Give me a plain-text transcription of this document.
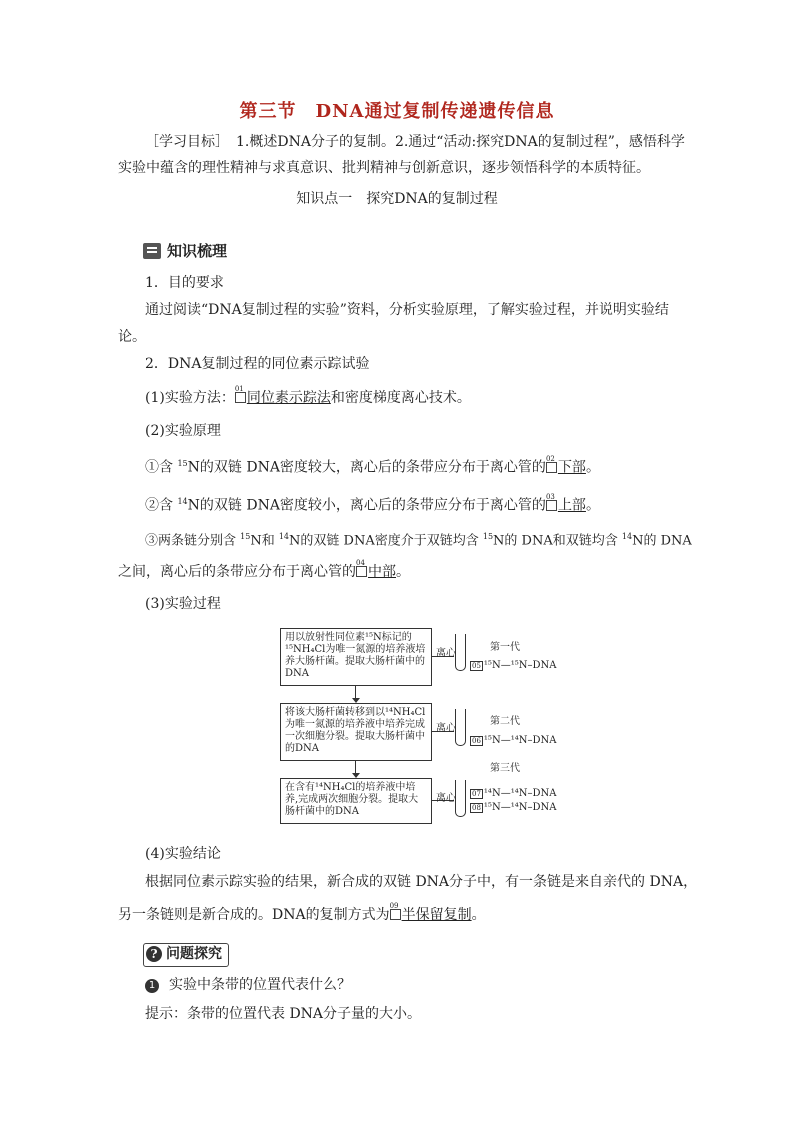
第三节　DNA通过复制传递遗传信息
［学习目标］　1.概述DNA分子的复制。2.通过“活动:探究DNA的复制过程”，感悟科学
实验中蕴含的理性精神与求真意识、批判精神与创新意识，逐步领悟科学的本质特征。
知识点一　探究DNA的复制过程
知识梳理
1．目的要求
通过阅读“DNA复制过程的实验”资料，分析实验原理，了解实验过程，并说明实验结
论。
2．DNA复制过程的同位素示踪试验
(1)实验方法：
01
同位素示踪法和密度梯度离心技术。
(2)实验原理
①含 $^{15}$N的双链 DNA密度较大，离心后的条带应分布于离心管的
02
下部。
②含 $^{14}$N的双链 DNA密度较小，离心后的条带应分布于离心管的
03
上部。
③两条链分别含 $^{15}$N和 $^{14}$N的双链 DNA密度介于双链均含 $^{15}$N的 DNA和双链均含 $^{14}$N的 DNA
之间，离心后的条带应分布于离心管的
04
中部。
(3)实验过程
用以放射性同位素¹⁵N标记的¹⁵NH₄Cl为唯一氮源的培养液培养大肠杆菌。提取大肠杆菌中的DNA
将该大肠杆菌转移到以¹⁴NH₄Cl为唯一氮源的培养液中培养完成一次细胞分裂。提取大肠杆菌中的DNA
在含有¹⁴NH₄Cl的培养液中培养,完成两次细胞分裂。提取大肠杆菌中的DNA
离心
离心
离心
第一代
第二代
第三代
05 ¹⁵N—¹⁵N–DNA
06 ¹⁵N—¹⁴N–DNA
07 ¹⁴N—¹⁴N–DNA
08 ¹⁵N—¹⁴N–DNA
(4)实验结论
根据同位素示踪实验的结果，新合成的双链 DNA分子中，有一条链是来自亲代的 DNA，
另一条链则是新合成的。DNA的复制方式为
09
半保留复制。
? 问题探究
1 实验中条带的位置代表什么？
提示：条带的位置代表 DNA分子量的大小。
